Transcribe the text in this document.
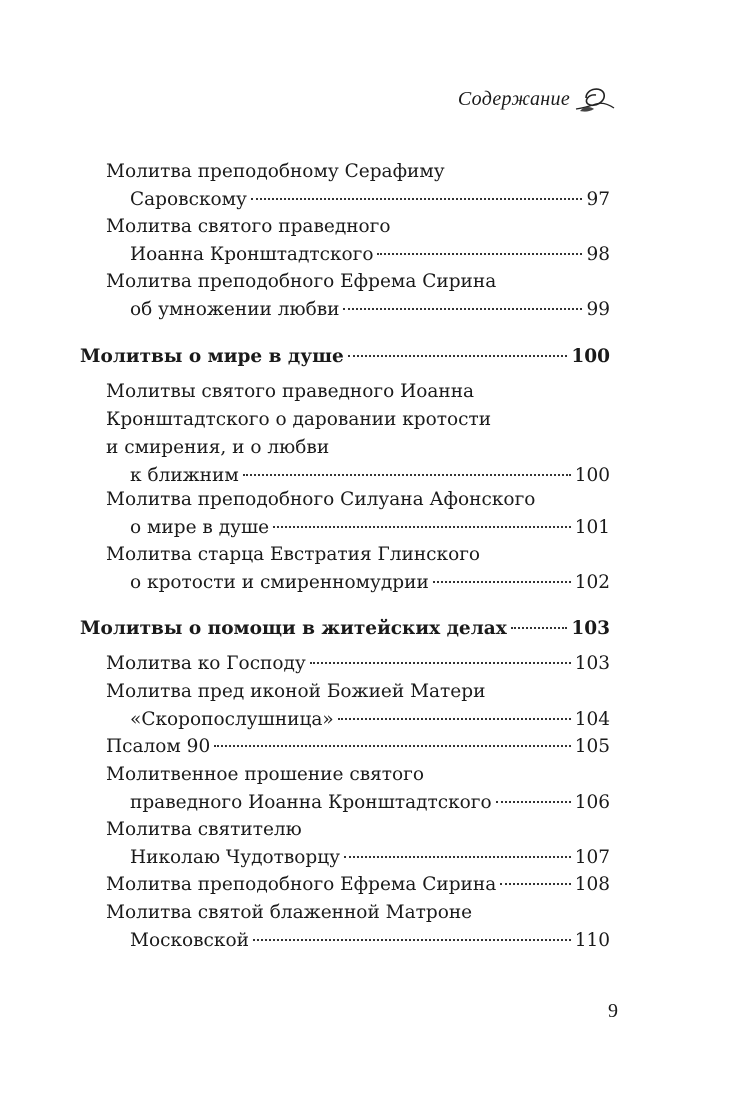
Содержание
Молитва преподобному Серафиму
Саровскому	97
Молитва святого праведного
Иоанна Кронштадтского	98
Молитва преподобного Ефрема Сирина
об умножении любви	99
Молитвы о мире в душе	100
Молитвы святого праведного Иоанна
Кронштадтского о даровании кротости
и смирения, и о любви
к ближним	100
Молитва преподобного Силуана Афонского
о мире в душе	101
Молитва старца Евстратия Глинского
о кротости и смиренномудрии	102
Молитвы о помощи в житейских делах	103
Молитва ко Господу	103
Молитва пред иконой Божией Матери
«Скоропослушница»	104
Псалом 90	105
Молитвенное прошение святого
праведного Иоанна Кронштадтского	106
Молитва святителю
Николаю Чудотворцу	107
Молитва преподобного Ефрема Сирина	108
Молитва святой блаженной Матроне
Московской	110
9
